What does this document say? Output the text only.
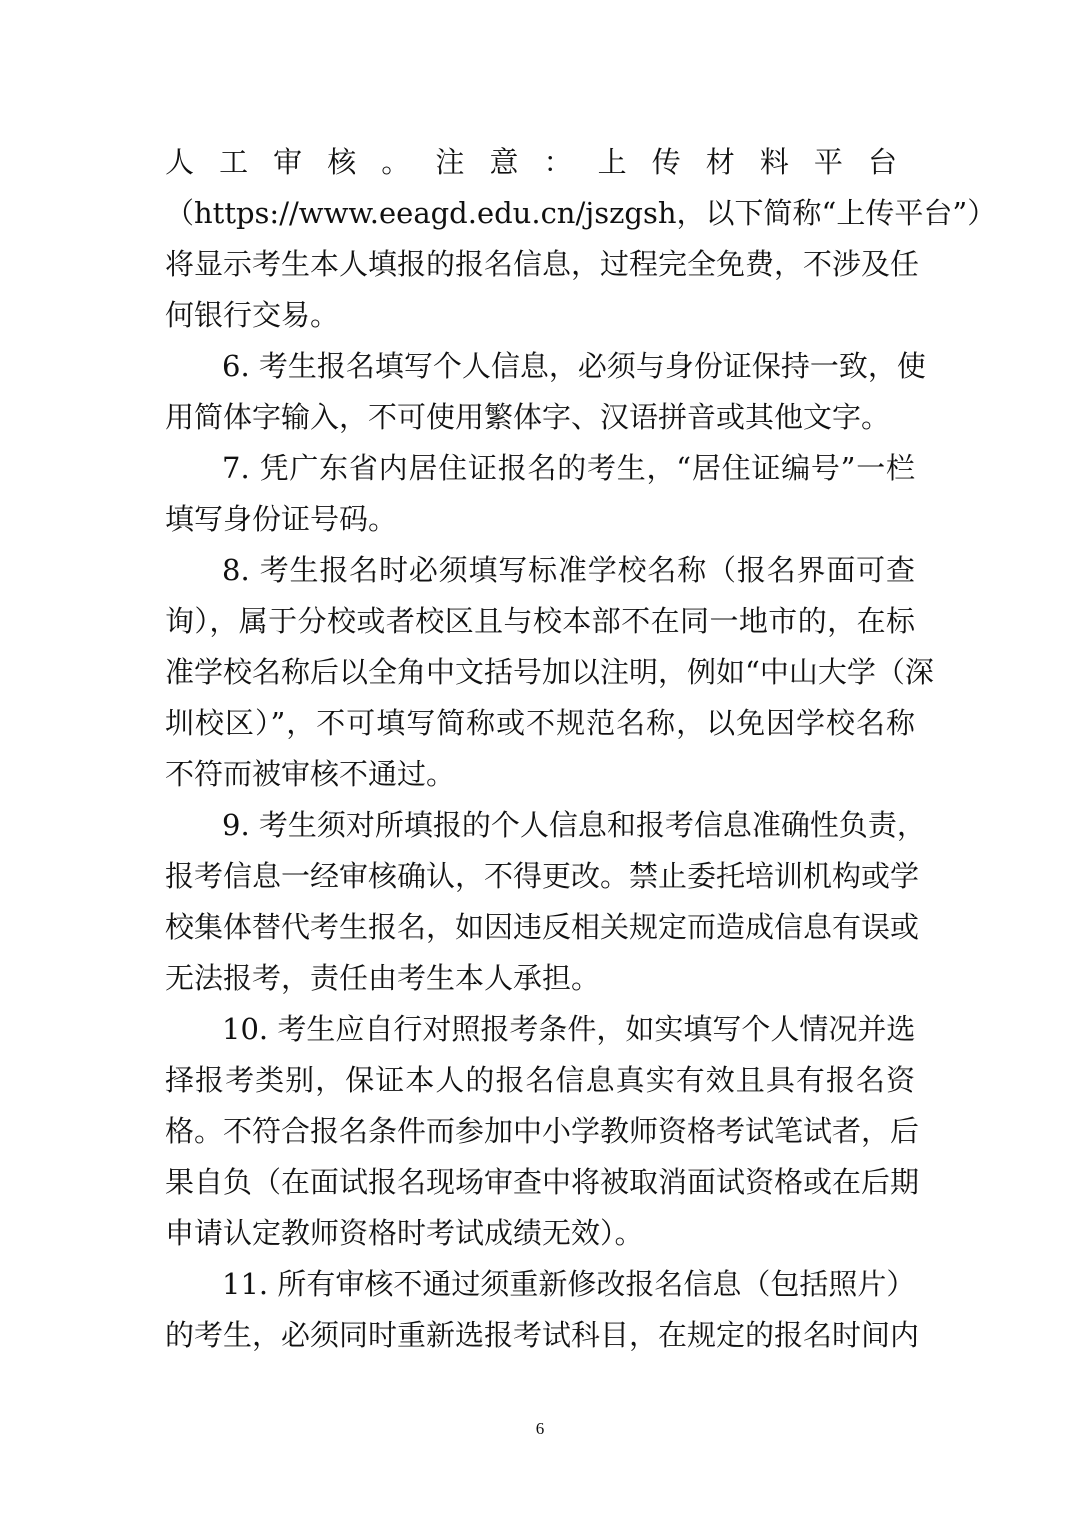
人工审核。注意：上传材料平台
（https://www.eeagd.edu.cn/jszgsh，以下简称“上传平台”）
将显示考生本人填报的报名信息，过程完全免费，不涉及任
何银行交易。
6. 考生报名填写个人信息，必须与身份证保持一致，使
用简体字输入，不可使用繁体字、汉语拼音或其他文字。
7. 凭广东省内居住证报名的考生，“居住证编号”一栏
填写身份证号码。
8. 考生报名时必须填写标准学校名称（报名界面可查
询），属于分校或者校区且与校本部不在同一地市的，在标
准学校名称后以全角中文括号加以注明，例如“中山大学（深
圳校区）”，不可填写简称或不规范名称，以免因学校名称
不符而被审核不通过。
9. 考生须对所填报的个人信息和报考信息准确性负责，
报考信息一经审核确认，不得更改。禁止委托培训机构或学
校集体替代考生报名，如因违反相关规定而造成信息有误或
无法报考，责任由考生本人承担。
10. 考生应自行对照报考条件，如实填写个人情况并选
择报考类别，保证本人的报名信息真实有效且具有报名资
格。不符合报名条件而参加中小学教师资格考试笔试者，后
果自负（在面试报名现场审查中将被取消面试资格或在后期
申请认定教师资格时考试成绩无效）。
11. 所有审核不通过须重新修改报名信息（包括照片）
的考生，必须同时重新选报考试科目，在规定的报名时间内
6
